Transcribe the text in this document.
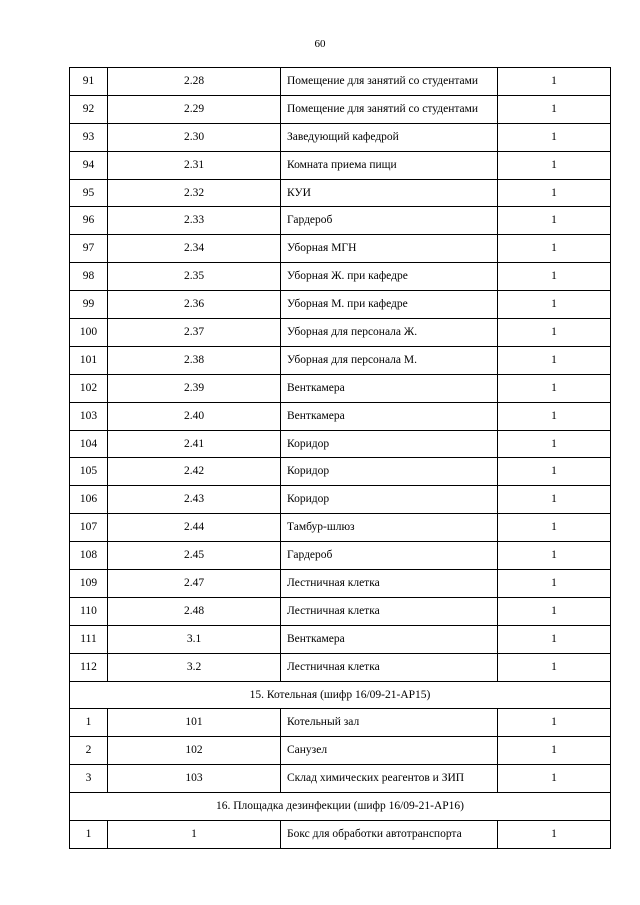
60
91	2.28	Помещение для занятий со студентами	1
92	2.29	Помещение для занятий со студентами	1
93	2.30	Заведующий кафедрой	1
94	2.31	Комната приема пищи	1
95	2.32	КУИ	1
96	2.33	Гардероб	1
97	2.34	Уборная МГН	1
98	2.35	Уборная Ж. при кафедре	1
99	2.36	Уборная М. при кафедре	1
100	2.37	Уборная для персонала Ж.	1
101	2.38	Уборная для персонала М.	1
102	2.39	Венткамера	1
103	2.40	Венткамера	1
104	2.41	Коридор	1
105	2.42	Коридор	1
106	2.43	Коридор	1
107	2.44	Тамбур-шлюз	1
108	2.45	Гардероб	1
109	2.47	Лестничная клетка	1
110	2.48	Лестничная клетка	1
111	3.1	Венткамера	1
112	3.2	Лестничная клетка	1
15. Котельная (шифр 16/09-21-АР15)			
1	101	Котельный зал	1
2	102	Санузел	1
3	103	Склад химических реагентов и ЗИП	1
16. Площадка дезинфекции (шифр 16/09-21-АР16)			
1	1	Бокс для обработки автотранспорта	1
